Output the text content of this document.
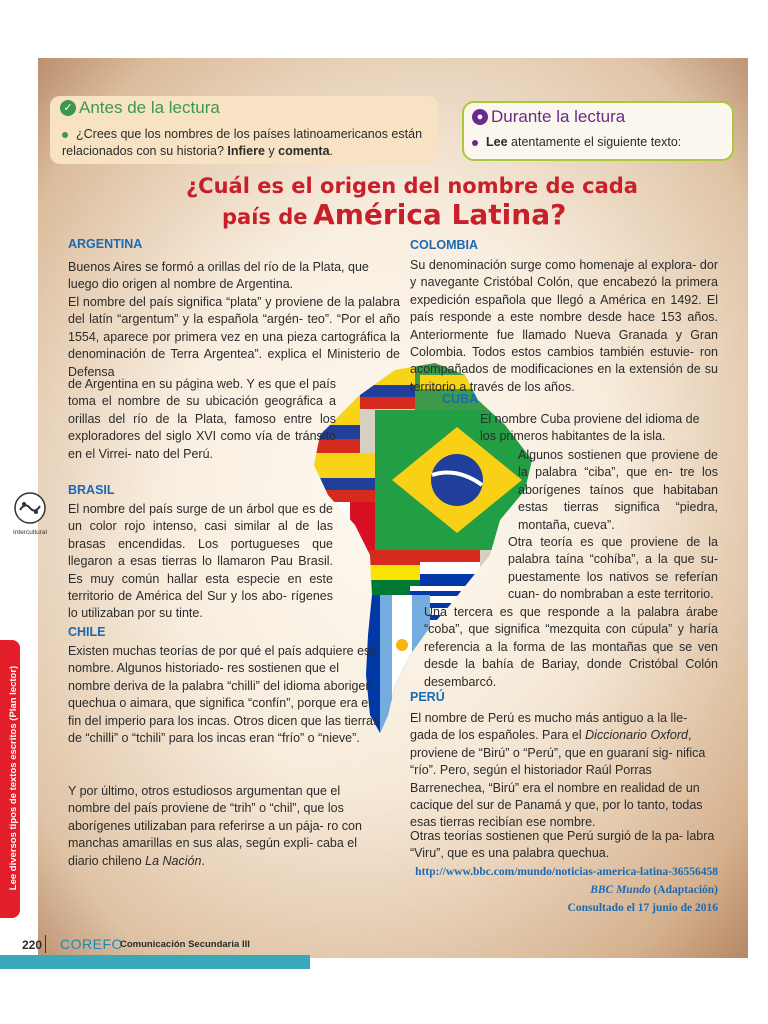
✓ Antes de la lectura

¿Crees que los nombres de los países latinoamericanos están relacionados con su historia? Infiere y comenta.

● Durante la lectura

Lee atentamente el siguiente texto:

¿Cuál es el origen del nombre de cada
país de América Latina?
ARGENTINA

Buenos Aires se formó a orillas del río de la Plata, que luego dio origen al nombre de Argentina.

El nombre del país significa “plata” y proviene de la palabra del latín “argentum” y la española “argén- teo”. “Por el año 1554, aparece por primera vez en una pieza cartográfica la denominación de Terra Argentea”. explica el Ministerio de Defensa

de Argentina en su página web. Y es que el país toma el nombre de su ubicación geográfica a orillas del río de la Plata, famoso entre los exploradores del siglo XVI como vía de tránsito en el Virrei- nato del Perú.

BRASIL

El nombre del país surge de un árbol que es de un color rojo intenso, casi similar al de las brasas encendidas. Los portugueses que llegaron a esas tierras lo llamaron Pau Brasil. Es muy común hallar esta especie en este territorio de América del Sur y los abo- rígenes lo utilizaban por su tinte.

CHILE

Existen muchas teorías de por qué el país adquiere ese nombre. Algunos historiado- res sostienen que el nombre deriva de la palabra “chilli” del idioma aborigen quechua o aimara, que significa “confín”, porque era el fin del imperio para los incas. Otros dicen que las tierras de “chilli” o “tchili” para los incas eran “frío” o “nieve”.

Y por último, otros estudiosos argumentan que el nombre del país proviene de “trih” o “chil”, que los aborígenes utilizaban para referirse a un pája- ro con manchas amarillas en sus alas, según expli- caba el diario chileno La Nación.

COLOMBIA

Su denominación surge como homenaje al explora- dor y navegante Cristóbal Colón, que encabezó la primera expedición española que llegó a América en 1492. El país responde a este nombre desde hace 153 años. Anteriormente fue llamado Nueva Granada y Gran Colombia. Todos estos cambios también estuvie- ron acompañados de modificaciones en la extensión de su territorio a través de los años.

CUBA

El nombre Cuba proviene del idioma de los primeros habitantes de la isla.

Algunos sostienen que proviene de la palabra “ciba”, que en- tre los aborígenes taínos que habitaban estas tierras significa “piedra, montaña, cueva”.

Otra teoría es que proviene de la palabra taína “cohíba”, a la que su- puestamente los nativos se referían cuan- do nombraban a este territorio.

Una tercera es que responde a la palabra árabe “coba”, que significa “mezquita con cúpula” y haría referencia a la forma de las montañas que se ven desde la bahía de Bariay, donde Cristóbal Colón desembarcó.

PERÚ

El nombre de Perú es mucho más antiguo a la lle- gada de los españoles. Para el Diccionario Oxford, proviene de “Birú” o “Perú”, que en guaraní sig- nifica “río”. Pero, según el historiador Raúl Porras Barrenechea, “Birú” era el nombre en realidad de un cacique del sur de Panamá y que, por lo tanto, todas esas tierras recibían ese nombre.

Otras teorías sostienen que Perú surgió de la pa- labra “Viru”, que es una palabra quechua.

http://www.bbc.com/mundo/noticias-america-latina-36556458

BBC Mundo (Adaptación)

Consultado el 17 junio de 2016

Intercultural
Lee diversos tipos de textos escritos (Plan lector)
220 COREFO
Comunicación Secundaria III
